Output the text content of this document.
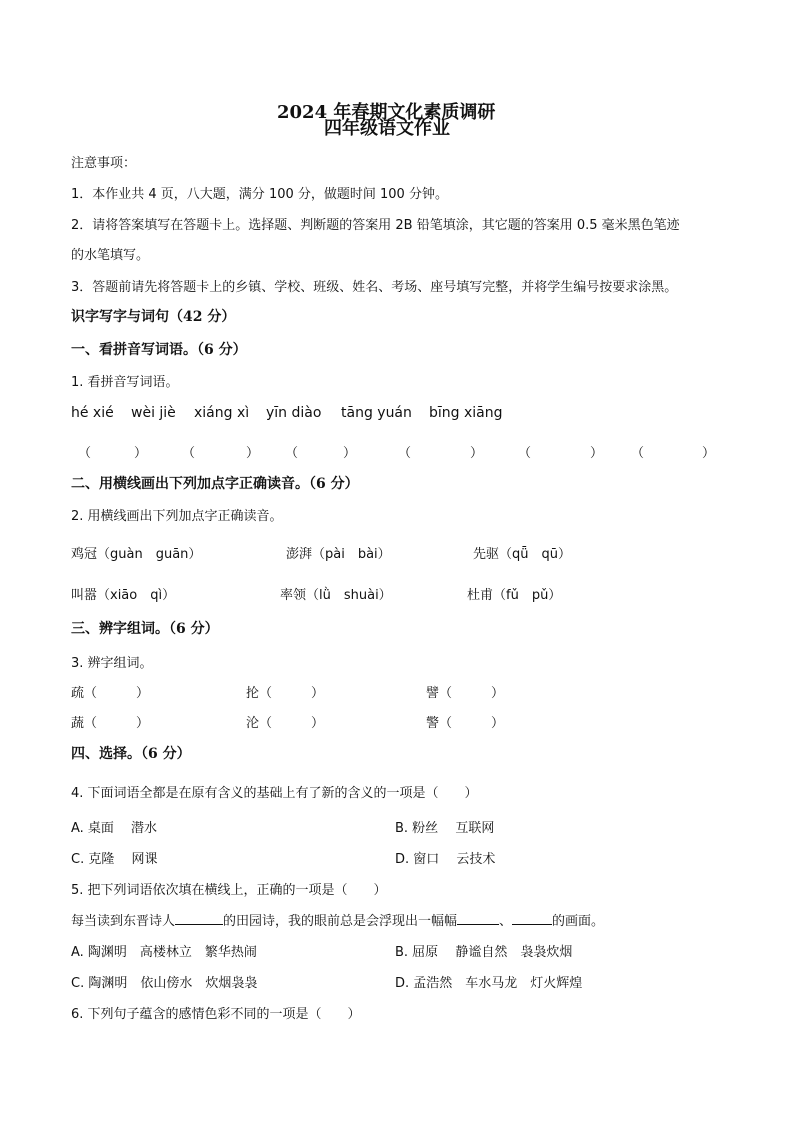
2024 年春期文化素质调研
四年级语文作业
注意事项：
1．本作业共 4 页，八大题，满分 100 分，做题时间 100 分钟。
2．请将答案填写在答题卡上。选择题、判断题的答案用 2B 铅笔填涂，其它题的答案用 0.5 毫米黑色笔迹
的水笔填写。
3．答题前请先将答题卡上的乡镇、学校、班级、姓名、考场、座号填写完整，并将学生编号按要求涂黑。
识字写字与词句（42 分）
一、看拼音写词语。（6 分）
1. 看拼音写词语。
hé xié wèi jiè xiáng xì yīn diào tāng yuán bīng xiāng
（	）	（	） （	）	（	）	（	） （	）
二、用横线画出下列加点字正确读音。（6 分）
2. 用横线画出下列加点字正确读音。
鸡冠（guàn　guān）	澎湃（pài　bài）	先驱（qǖ　qū）
叫嚣（xiāo　qì）	率领（lǜ　shuài）	杜甫（fǔ　pǔ）
三、辨字组词。（6 分）
3. 辨字组词。
疏（　　　）	抡（　　　）	譬（　　　）
蔬（　　　）	沦（　　　）	警（　　　）
四、选择。（6 分）
4. 下面词语全都是在原有含义的基础上有了新的含义的一项是（　　）
A. 桌面　 潜水	B. 粉丝　 互联网
C. 克隆　 网课	D. 窗口　 云技术
5. 把下列词语依次填在横线上，正确的一项是（　　）
每当读到东晋诗人	的田园诗，我的眼前总是会浮现出一幅幅	、	的画面。
A. 陶渊明　高楼林立　繁华热闹	B. 屈原　 静谧自然　袅袅炊烟
C. 陶渊明　依山傍水　炊烟袅袅	D. 孟浩然　车水马龙　灯火辉煌
6. 下列句子蕴含的感情色彩不同的一项是（　　）
